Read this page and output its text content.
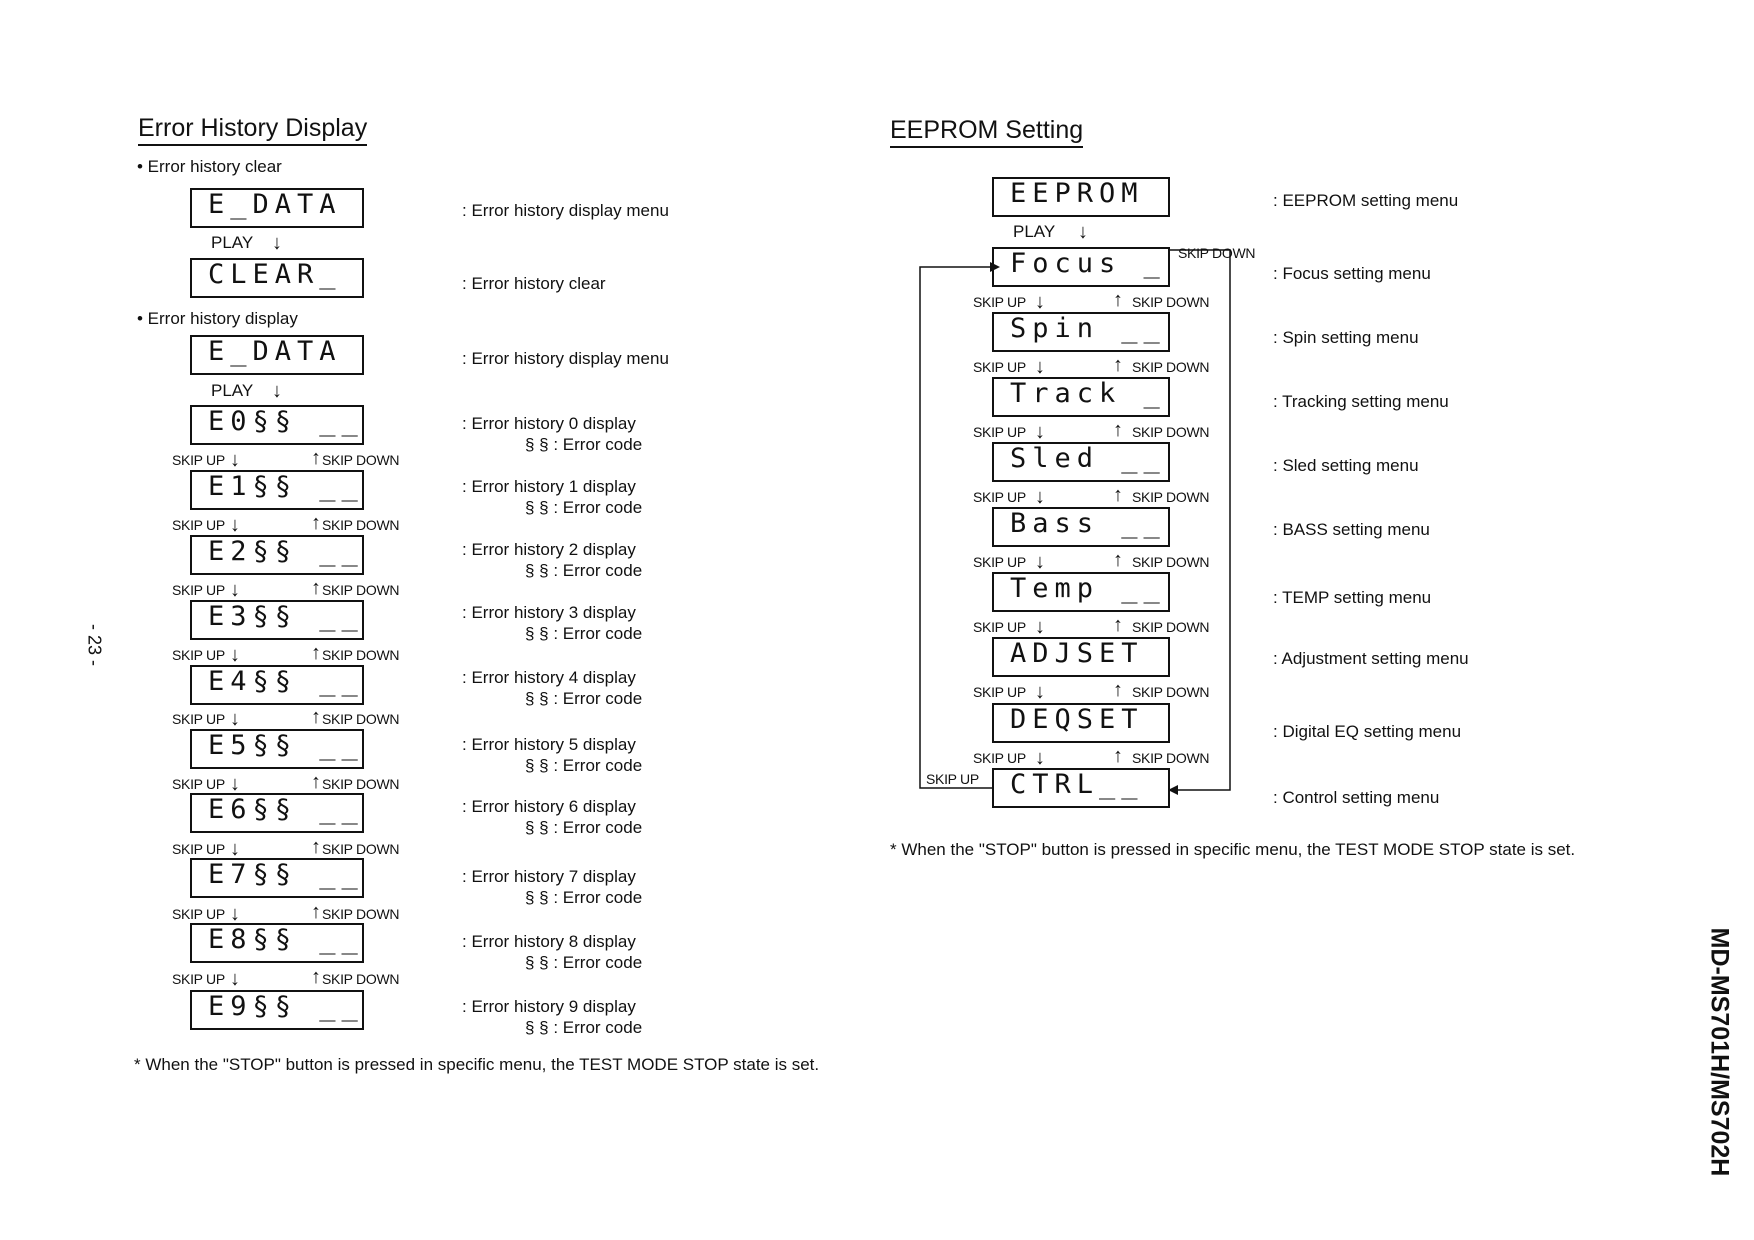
Error History Display
• Error history clear
E_DATA	: Error history display menu
PLAY ↓
CLEAR_	: Error history clear
• Error history display
E_DATA	: Error history display menu
PLAY ↓
E0§§ __	: Error history 0 display
§ § : Error code
SKIP UP ↓	↑ SKIP DOWN
E1§§ __	: Error history 1 display
§ § : Error code
SKIP UP ↓	↑ SKIP DOWN
E2§§ __	: Error history 2 display
§ § : Error code
SKIP UP ↓	↑ SKIP DOWN
E3§§ __	: Error history 3 display
§ § : Error code
SKIP UP ↓	↑ SKIP DOWN
E4§§ __	: Error history 4 display
§ § : Error code
SKIP UP ↓	↑ SKIP DOWN
E5§§ __	: Error history 5 display
§ § : Error code
SKIP UP ↓	↑ SKIP DOWN
E6§§ __	: Error history 6 display
§ § : Error code
SKIP UP ↓	↑ SKIP DOWN
E7§§ __	: Error history 7 display
§ § : Error code
SKIP UP ↓	↑ SKIP DOWN
E8§§ __	: Error history 8 display
§ § : Error code
SKIP UP ↓	↑ SKIP DOWN
E9§§ __	: Error history 9 display
§ § : Error code
* When the "STOP" button is pressed in specific menu, the TEST MODE STOP state is set.
EEPROM Setting
EEPROM	: EEPROM setting menu
PLAY ↓
Focus _	: Focus setting menu
SKIP DOWN
SKIP UP ↓	↑ SKIP DOWN
Spin __	: Spin setting menu
SKIP UP ↓	↑ SKIP DOWN
Track _	: Tracking setting menu
SKIP UP ↓	↑ SKIP DOWN
Sled __	: Sled setting menu
SKIP UP ↓	↑ SKIP DOWN
Bass __	: BASS setting menu
SKIP UP ↓	↑ SKIP DOWN
Temp __	: TEMP setting menu
SKIP UP ↓	↑ SKIP DOWN
ADJSET	: Adjustment setting menu
SKIP UP ↓	↑ SKIP DOWN
DEQSET	: Digital EQ setting menu
SKIP UP ↓	↑ SKIP DOWN
SKIP UP	CTRL__	: Control setting menu
* When the "STOP" button is pressed in specific menu, the TEST MODE STOP state is set.
- 23 -
MD-MS701H/MS702H
